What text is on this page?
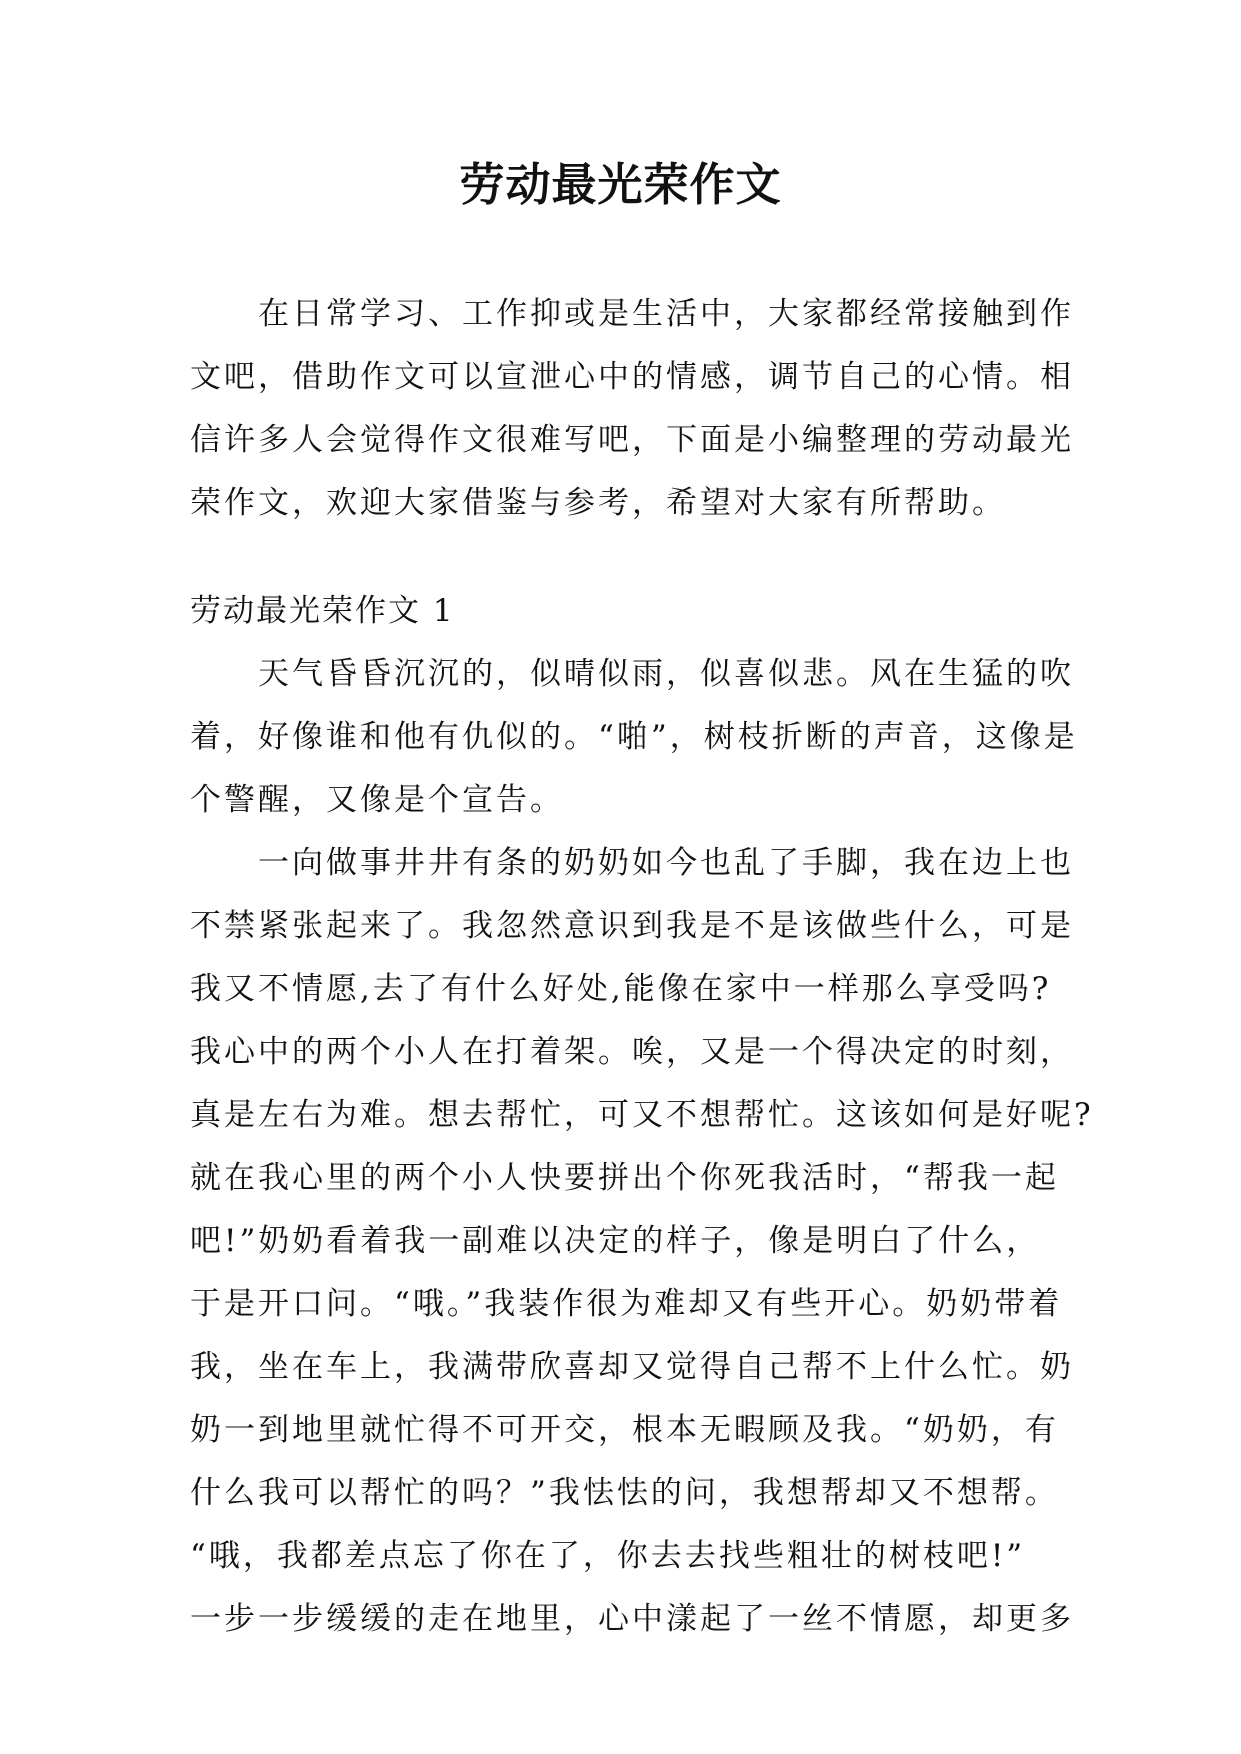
劳动最光荣作文
在日常学习、工作抑或是生活中，大家都经常接触到作
文吧，借助作文可以宣泄心中的情感，调节自己的心情。相
信许多人会觉得作文很难写吧，下面是小编整理的劳动最光
荣作文，欢迎大家借鉴与参考，希望对大家有所帮助。
劳动最光荣作文 1
天气昏昏沉沉的，似晴似雨，似喜似悲。风在生猛的吹
着，好像谁和他有仇似的。“啪”，树枝折断的声音，这像是
个警醒，又像是个宣告。
一向做事井井有条的奶奶如今也乱了手脚，我在边上也
不禁紧张起来了。我忽然意识到我是不是该做些什么，可是
我又不情愿,去了有什么好处,能像在家中一样那么享受吗?
我心中的两个小人在打着架。唉，又是一个得决定的时刻，
真是左右为难。想去帮忙，可又不想帮忙。这该如何是好呢?
就在我心里的两个小人快要拼出个你死我活时，“帮我一起
吧!”奶奶看着我一副难以决定的样子，像是明白了什么，
于是开口问。“哦。”我装作很为难却又有些开心。奶奶带着
我，坐在车上，我满带欣喜却又觉得自己帮不上什么忙。奶
奶一到地里就忙得不可开交，根本无暇顾及我。“奶奶，有
什么我可以帮忙的吗？”我怯怯的问，我想帮却又不想帮。
“哦，我都差点忘了你在了，你去去找些粗壮的树枝吧!”
一步一步缓缓的走在地里，心中漾起了一丝不情愿，却更多
